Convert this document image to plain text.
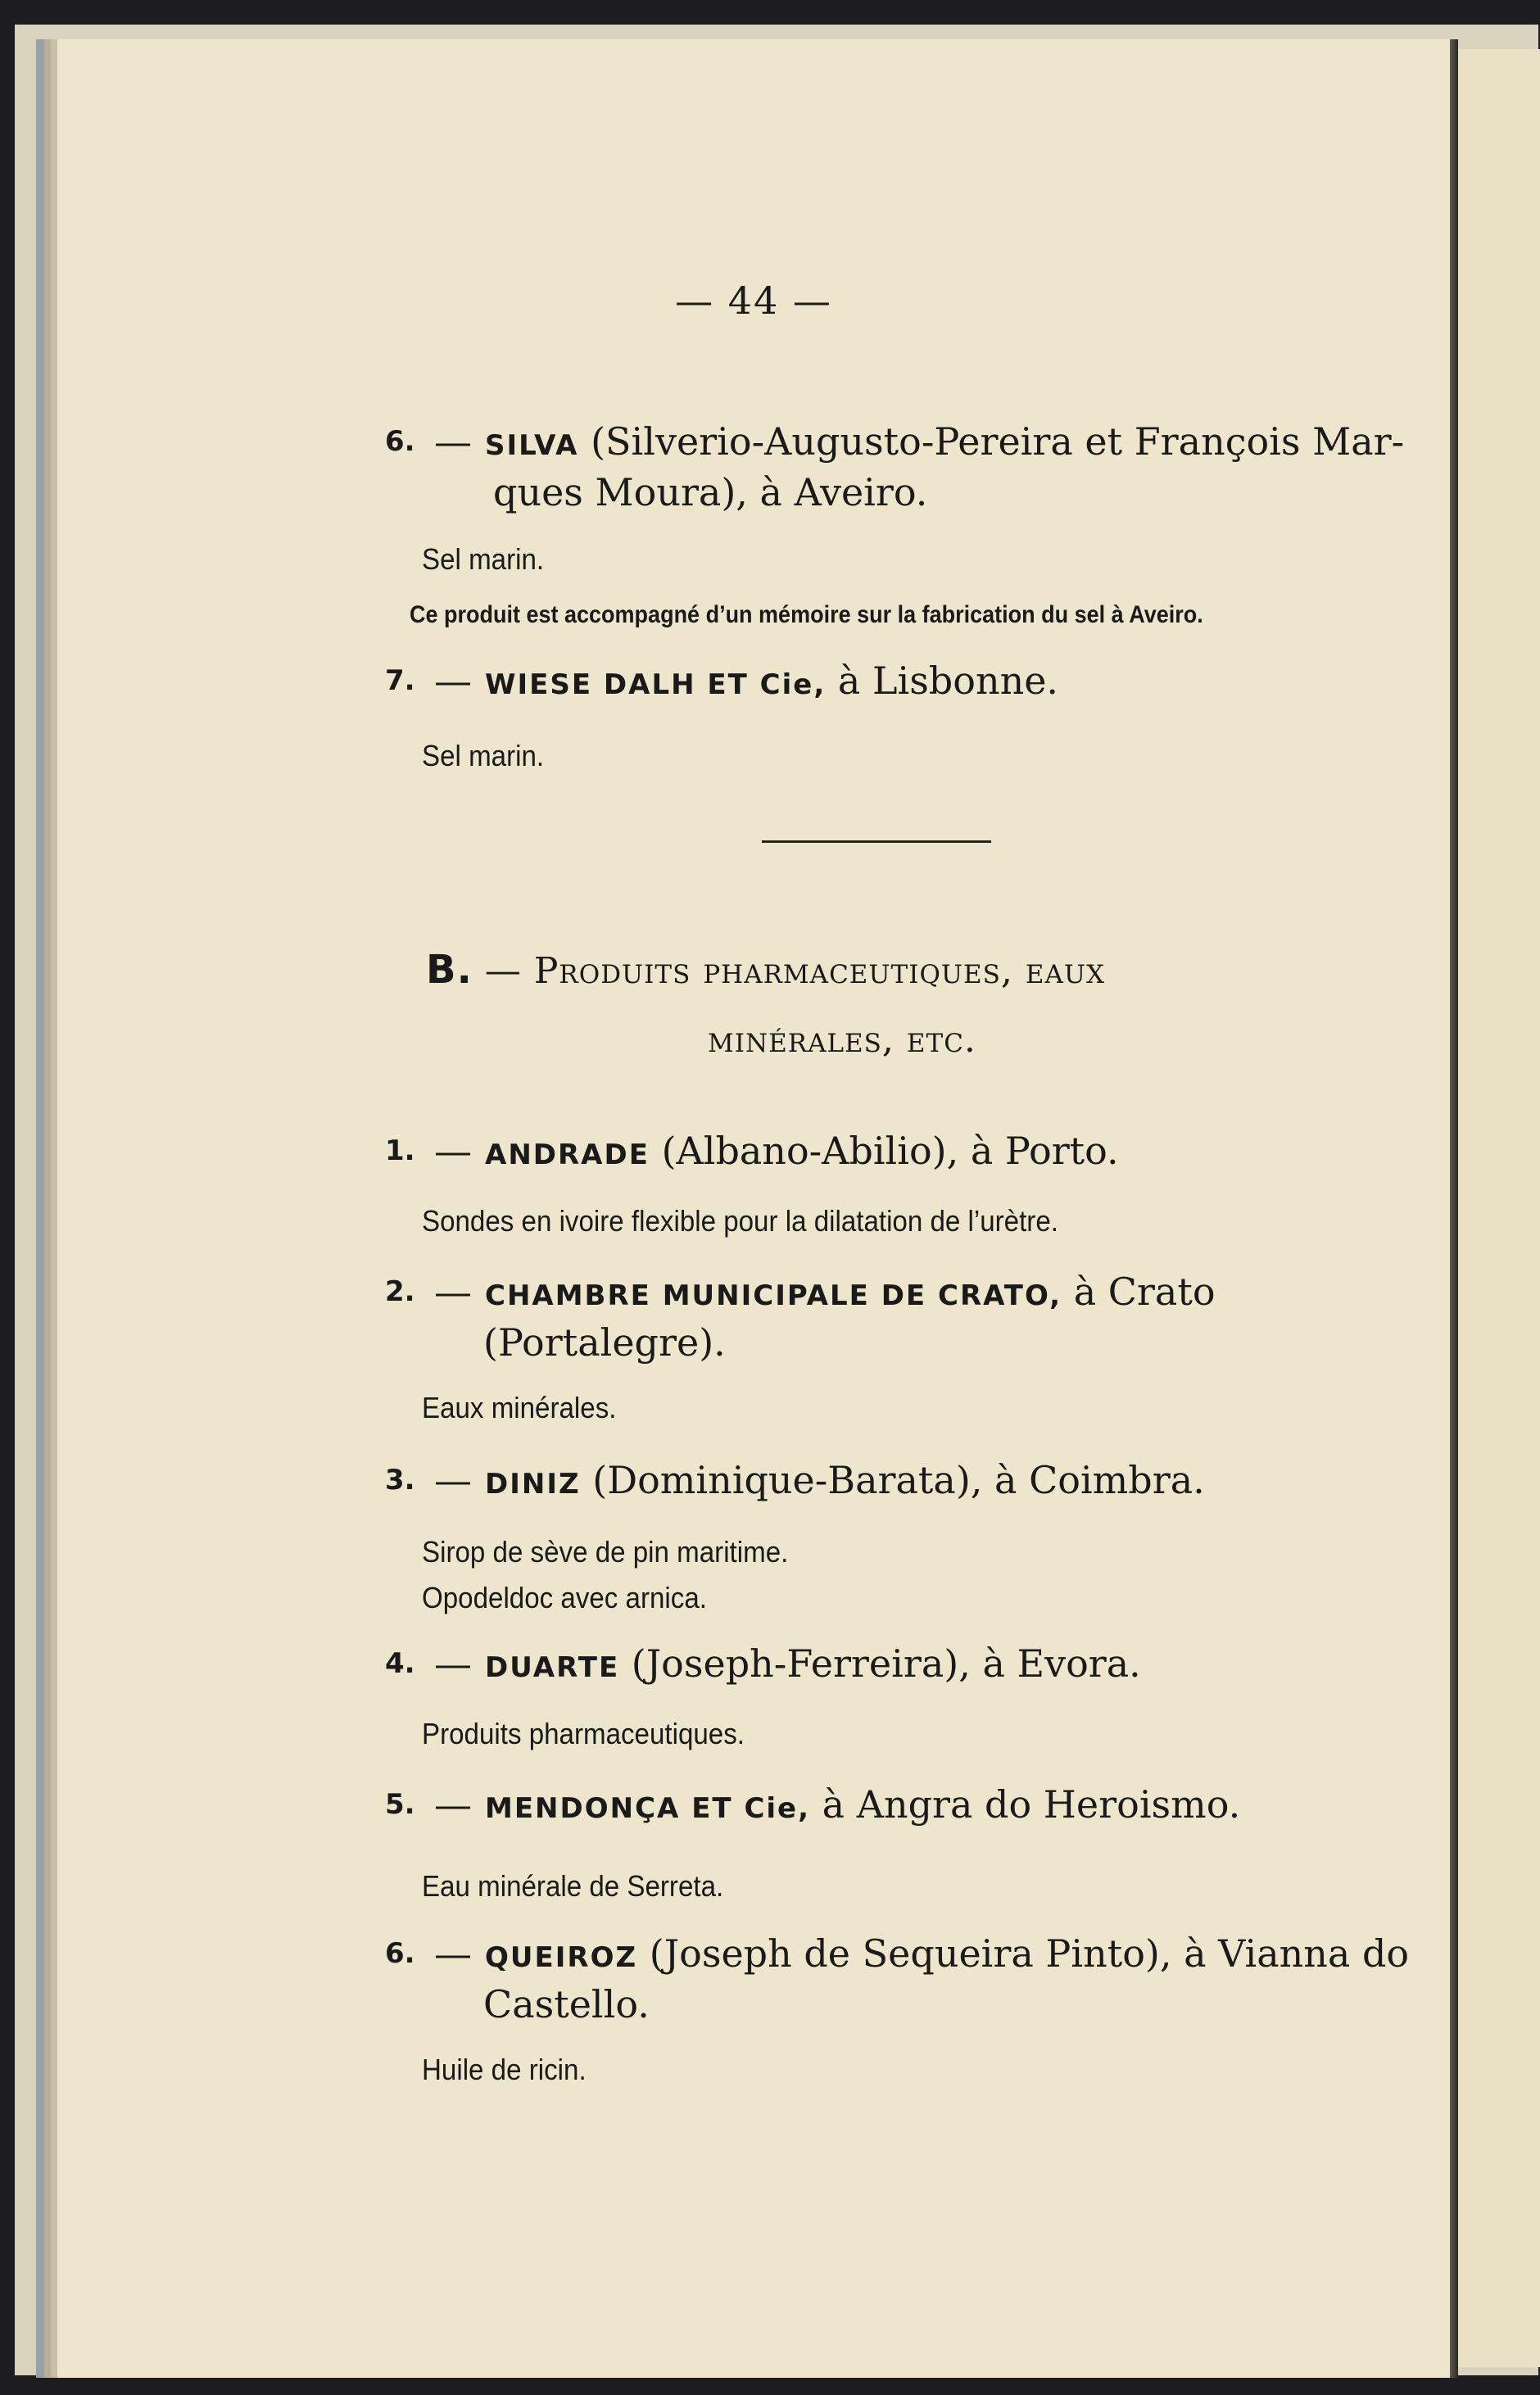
— 44 —
6. — SILVA (Silverio-Augusto-Pereira et François Mar-
ques Moura), à Aveiro.
Sel marin.
Ce produit est accompagné d’un mémoire sur la fabrication du sel à Aveiro.
7. — WIESE DALH ET Cie, à Lisbonne.
Sel marin.
B. — Produits pharmaceutiques, eaux
minérales, etc.
1. — ANDRADE (Albano-Abilio), à Porto.
Sondes en ivoire flexible pour la dilatation de l’urètre.
2. — CHAMBRE MUNICIPALE DE CRATO, à Crato
(Portalegre).
Eaux minérales.
3. — DINIZ (Dominique-Barata), à Coimbra.
Sirop de sève de pin maritime.
Opodeldoc avec arnica.
4. — DUARTE (Joseph-Ferreira), à Evora.
Produits pharmaceutiques.
5. — MENDONÇA ET Cie, à Angra do Heroismo.
Eau minérale de Serreta.
6. — QUEIROZ (Joseph de Sequeira Pinto), à Vianna do
Castello.
Huile de ricin.
